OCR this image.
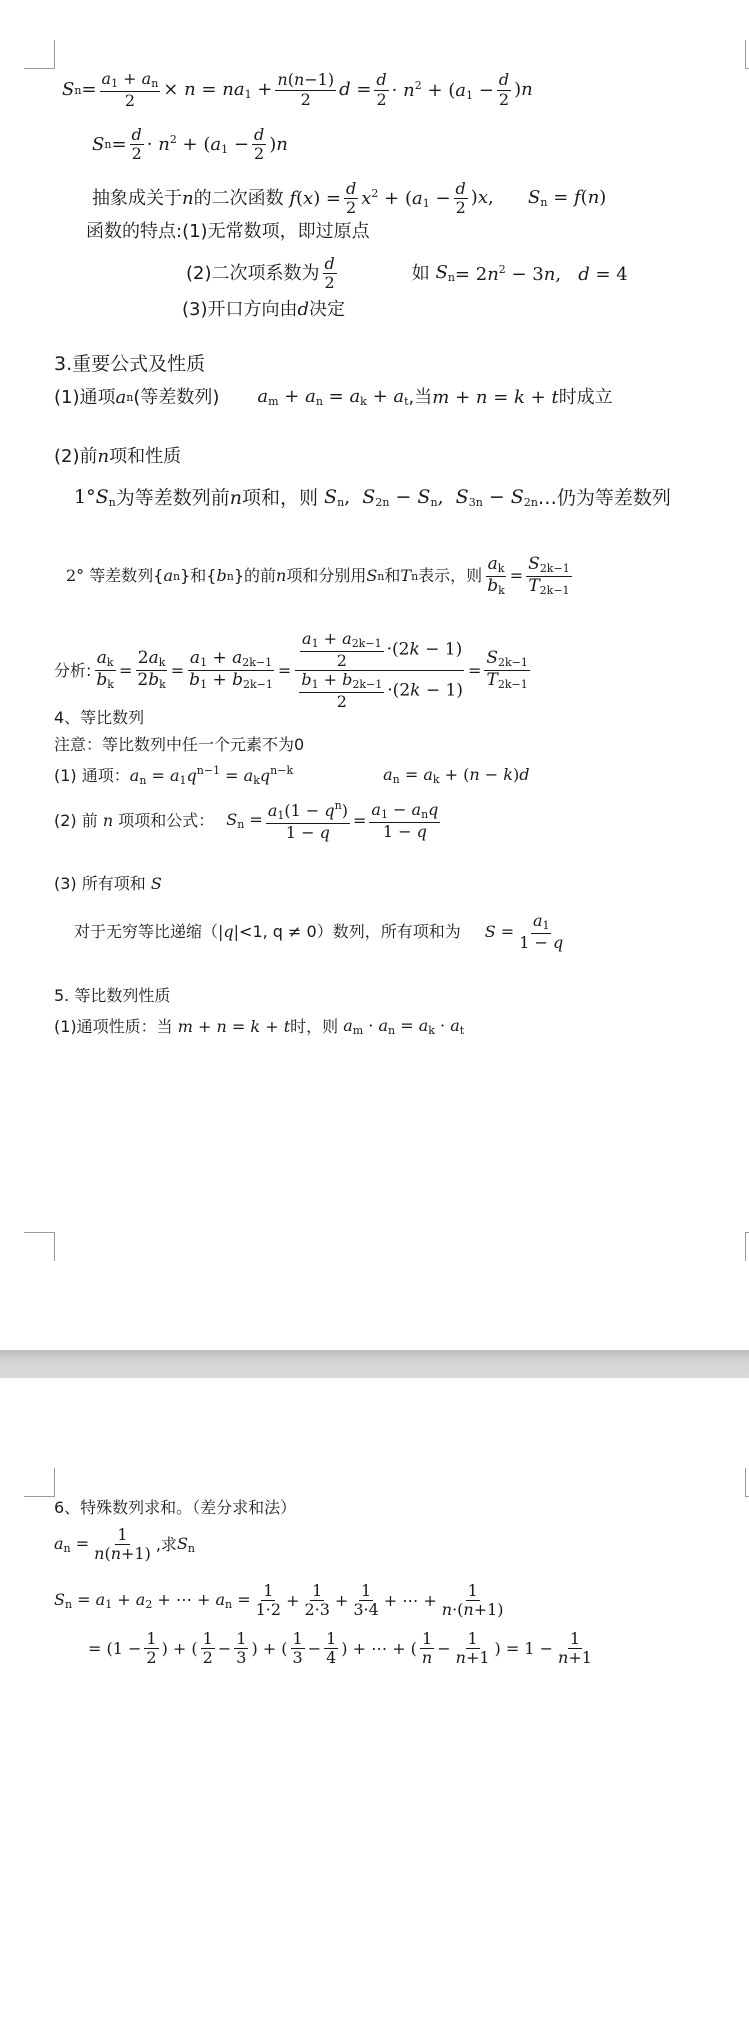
S $n = \frac{a_1 + a_n}{2} \times n = na_1 + \frac{n(n-1)}{2}$ $d = \frac{d}{2} \cdot n^2 + (a_1 - \frac{d}{2} )n$
S $n = \frac{d}{2} \cdot n^2 + (a_1 - \frac{d}{2} )n$
抽象成关于 n 的二次函数 $f(x) = \frac{d}{2} x^2 + (a_1 - \frac{d}{2} )x$,      $S_n = f(n)$
函数的特点: (1)无常数项，即过原点
(2)二次项系数为 d
2	如 $S_n = 2n^2 - 3n$,   d = 4
(3)开口方向由 d 决定
3.重要公式及性质
(1)通项 a n (等差数列) $a_m + a_n = a_k + a_t$ ,当 m + n = k + t 时成立
(2)前 n 项和性质
$1^\circ S_n$ 为等差数列前 n 项和，则 $S_n$,  $S_{2n} - S_n$,  $S_{3n} - S_{2n}$ …仍为等差数列
2° 等差数列{ a n }和{ b n }的前 n 项和分别用 S n 和 T n 表示，则 $\frac{a_k}{b_k} = \frac{S_{2k-1}}{T_{2k-1}}$
分析: $\frac{a_k}{b_k} = \frac{2a_k}{2b_k} = \frac{a_1 + a_{2k-1}}{b_1 + b_{2k-1}} = \frac{\frac{a_1 + a_{2k-1}}{2} \cdot(2k - 1)}{\frac{b_1 + b_{2k-1}}{2} \cdot(2k - 1)} = \frac{S_{2k-1}}{T_{2k-1}}$
4、等比数列
注意：等比数列中任一个元素不为0
(1) 通项： $a_n = a_1q^{n-1} = a_kq^{n-k}$	$a_n = a_k + (n - k)d$
(2) 前 n 项项和公式： $S_n = \frac{a_1(1 - q^n)}{1 - q}$ =
$a_1 - a_nq$
1 − q
(3) 所有项和 S
对于无穷等比递缩（ |q| <1, q ≠ 0）数列，所有项和为 $S = \frac{a_1}{1 - q}$
5. 等比数列性质
(1)通项性质：当 m + n = k + t 时，则 $a_m \cdot a_n = a_k \cdot a_t$
6、特殊数列求和。（差分求和法）
$a_n = \frac{1}{n(n+1)}$ ,求 $S_n$
$S_n = a_1 + a_2$ + ⋯ + $a_n = \frac{1}{1\cdot 2} + \frac{1}{2\cdot 3} + \frac{1}{3\cdot 4}$ + ⋯ + $\frac{1}{n\cdot(n+1)}$
= ($1 - \frac{1}{2}$ ) + (
1
$2 - \frac{1}{3}$ ) + (
1
$3 - \frac{1}{4}$ ) + ⋯ + (
1
$n - \frac{1}{n+1}$ ) = $1 - \frac{1}{n+1}$
